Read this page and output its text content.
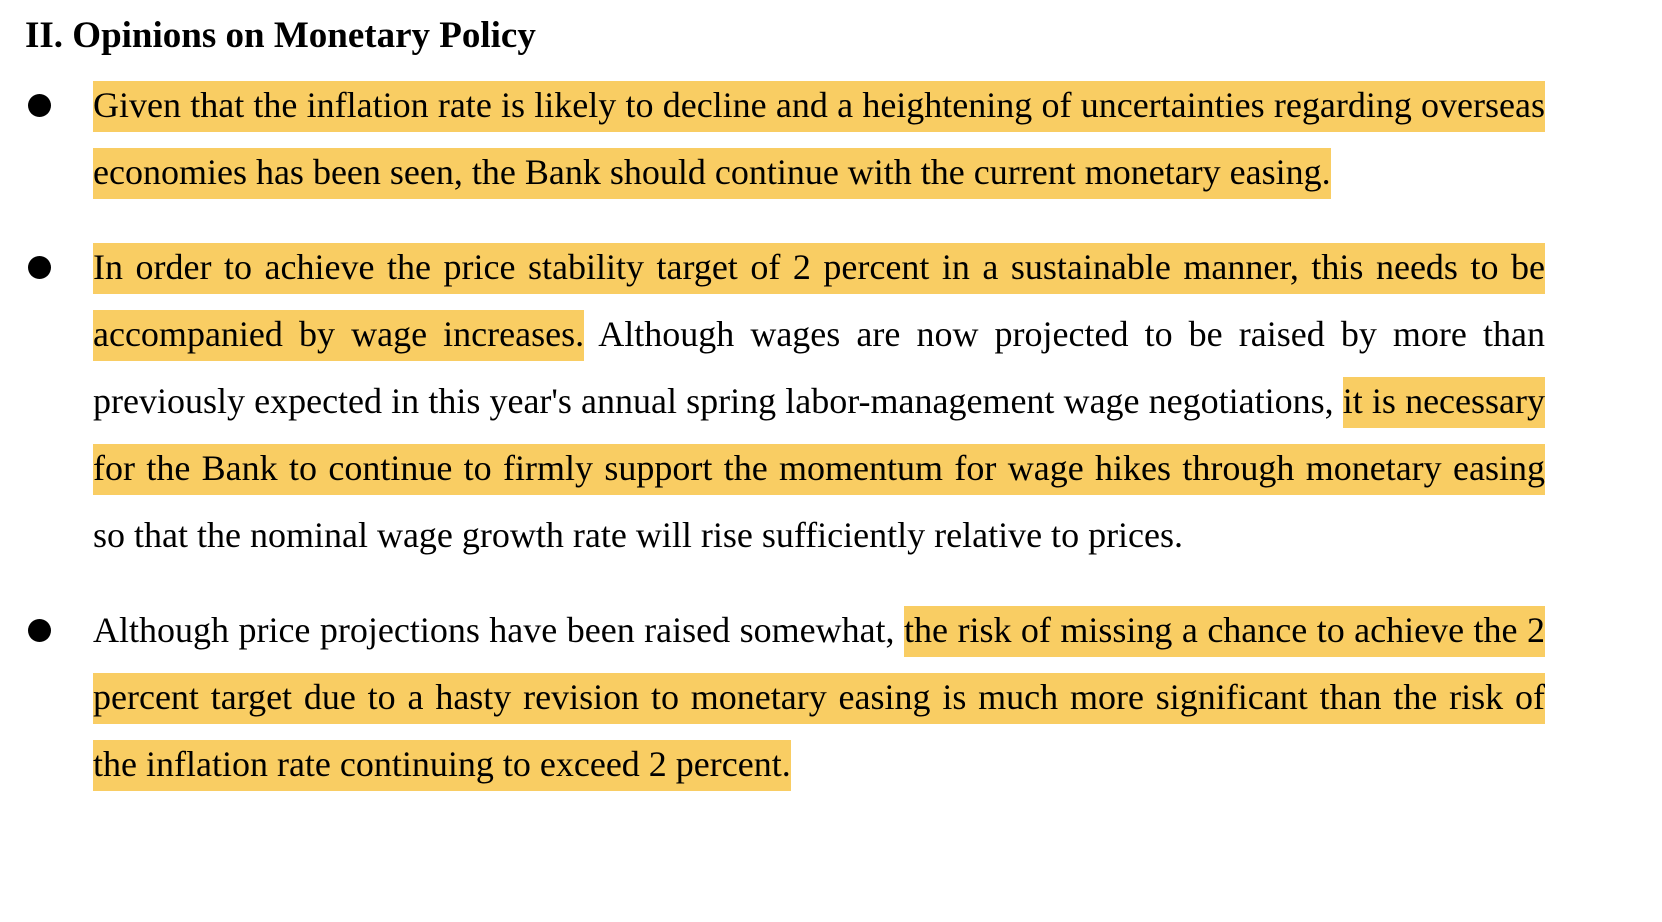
II. Opinions on Monetary Policy

Given that the inflation rate is likely to decline and a heightening of uncertainties regarding overseas economies has been seen, the Bank should continue with the current monetary easing.

In order to achieve the price stability target of 2 percent in a sustainable manner, this needs to be accompanied by wage increases. Although wages are now projected to be raised by more than previously expected in this year's annual spring labor-management wage negotiations, it is necessary for the Bank to continue to firmly support the momentum for wage hikes through monetary easing so that the nominal wage growth rate will rise sufficiently relative to prices.

Although price projections have been raised somewhat, the risk of missing a chance to achieve the 2 percent target due to a hasty revision to monetary easing is much more significant than the risk of the inflation rate continuing to exceed 2 percent.
